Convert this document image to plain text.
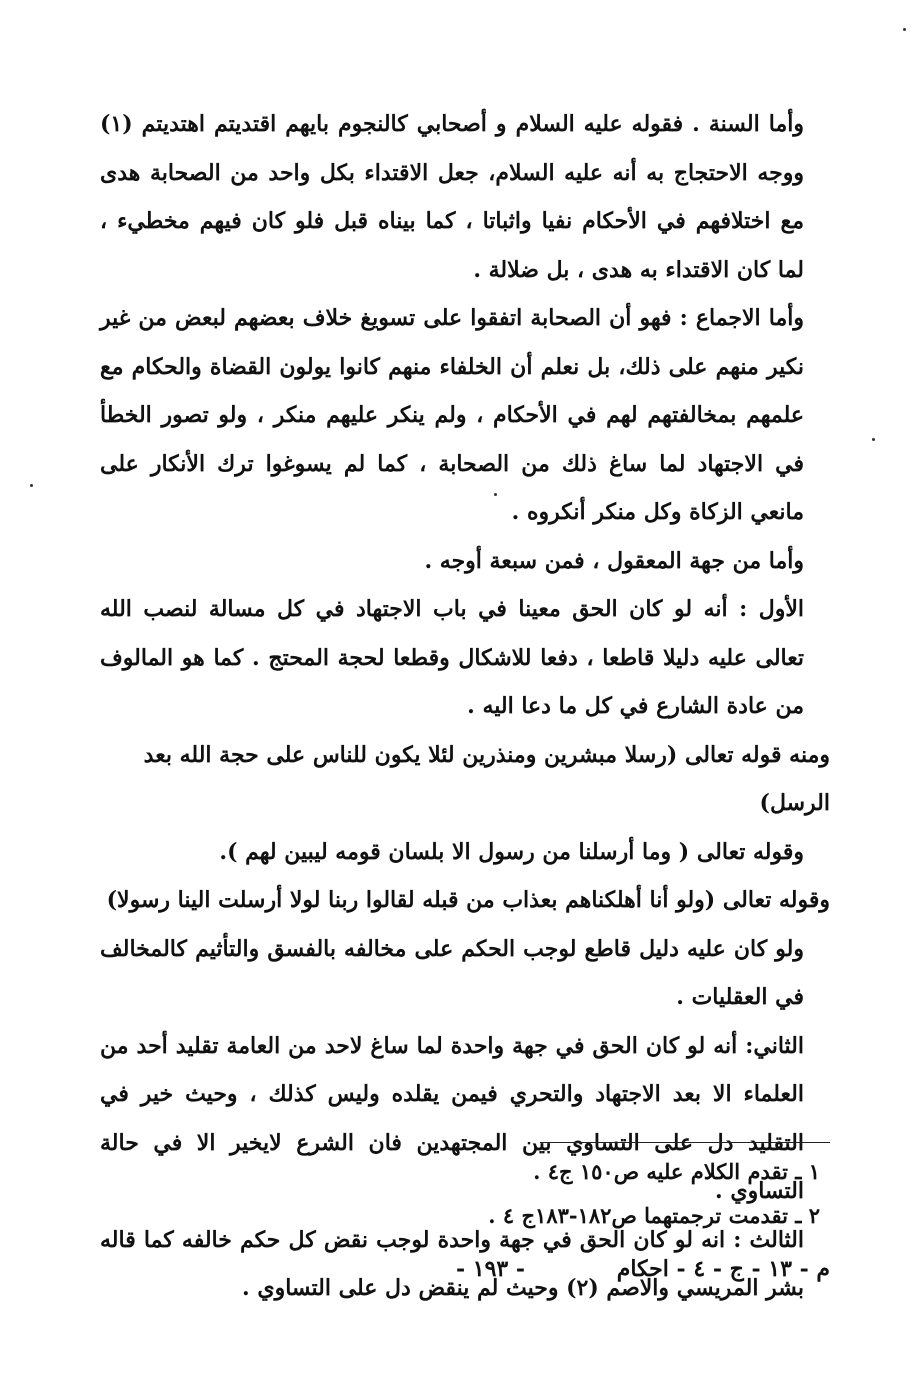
وأما السنة . فقوله عليه السلام و أصحابي كالنجوم بايهم اقتديتم اهتديتم (١) ووجه الاحتجاج به أنه عليه السلام، جعل الاقتداء بكل واحد من الصحابة هدى مع اختلافهم في الأحكام نفيا واثباتا ، كما بيناه قبل فلو كان فيهم مخطيء ، لما كان الاقتداء به هدى ، بل ضلالة .

وأما الاجماع : فهو أن الصحابة اتفقوا على تسويغ خلاف بعضهم لبعض من غير نكير منهم على ذلك، بل نعلم أن الخلفاء منهم كانوا يولون القضاة والحكام مع علمهم بمخالفتهم لهم في الأحكام ، ولم ينكر عليهم منكر ، ولو تصور الخطأ في الاجتهاد لما ساغ ذلك من الصحابة ، كما لم يسوغوا ترك الأنكار على مانعي الزكاة وكل منكر أنكروه .

وأما من جهة المعقول ، فمن سبعة أوجه .

الأول : أنه لو كان الحق معينا في باب الاجتهاد في كل مسالة لنصب الله تعالى عليه دليلا قاطعا ، دفعا للاشكال وقطعا لحجة المحتج . كما هو المالوف من عادة الشارع في كل ما دعا اليه .

ومنه قوله تعالى (رسلا مبشرين ومنذرين لئلا يكون للناس على حجة الله بعد الرسل)

وقوله تعالى ( وما أرسلنا من رسول الا بلسان قومه ليبين لهم ).

وقوله تعالى (ولو أنا أهلكناهم بعذاب من قبله لقالوا ربنا لولا أرسلت الينا رسولا)

ولو كان عليه دليل قاطع لوجب الحكم على مخالفه بالفسق والتأثيم كالمخالف في العقليات .

الثاني: أنه لو كان الحق في جهة واحدة لما ساغ لاحد من العامة تقليد أحد من العلماء الا بعد الاجتهاد والتحري فيمن يقلده وليس كذلك ، وحيث خير في التقليد دل على التساوي بين المجتهدين فان الشرع لايخير الا في حالة التساوي .

الثالث : انه لو كان الحق في جهة واحدة لوجب نقض كل حكم خالفه كما قاله بشر المريسي والاصم (٢) وحيث لم ينقض دل على التساوي .

١ ـ تقدم الكلام عليه ص١٥٠ ج٤ .

٢ ـ تقدمت ترجمتهما ص١٨٢-١٨٣ج ٤ .

م - ١٣ - ج - ٤ - احكام
- ١٩٣ -
